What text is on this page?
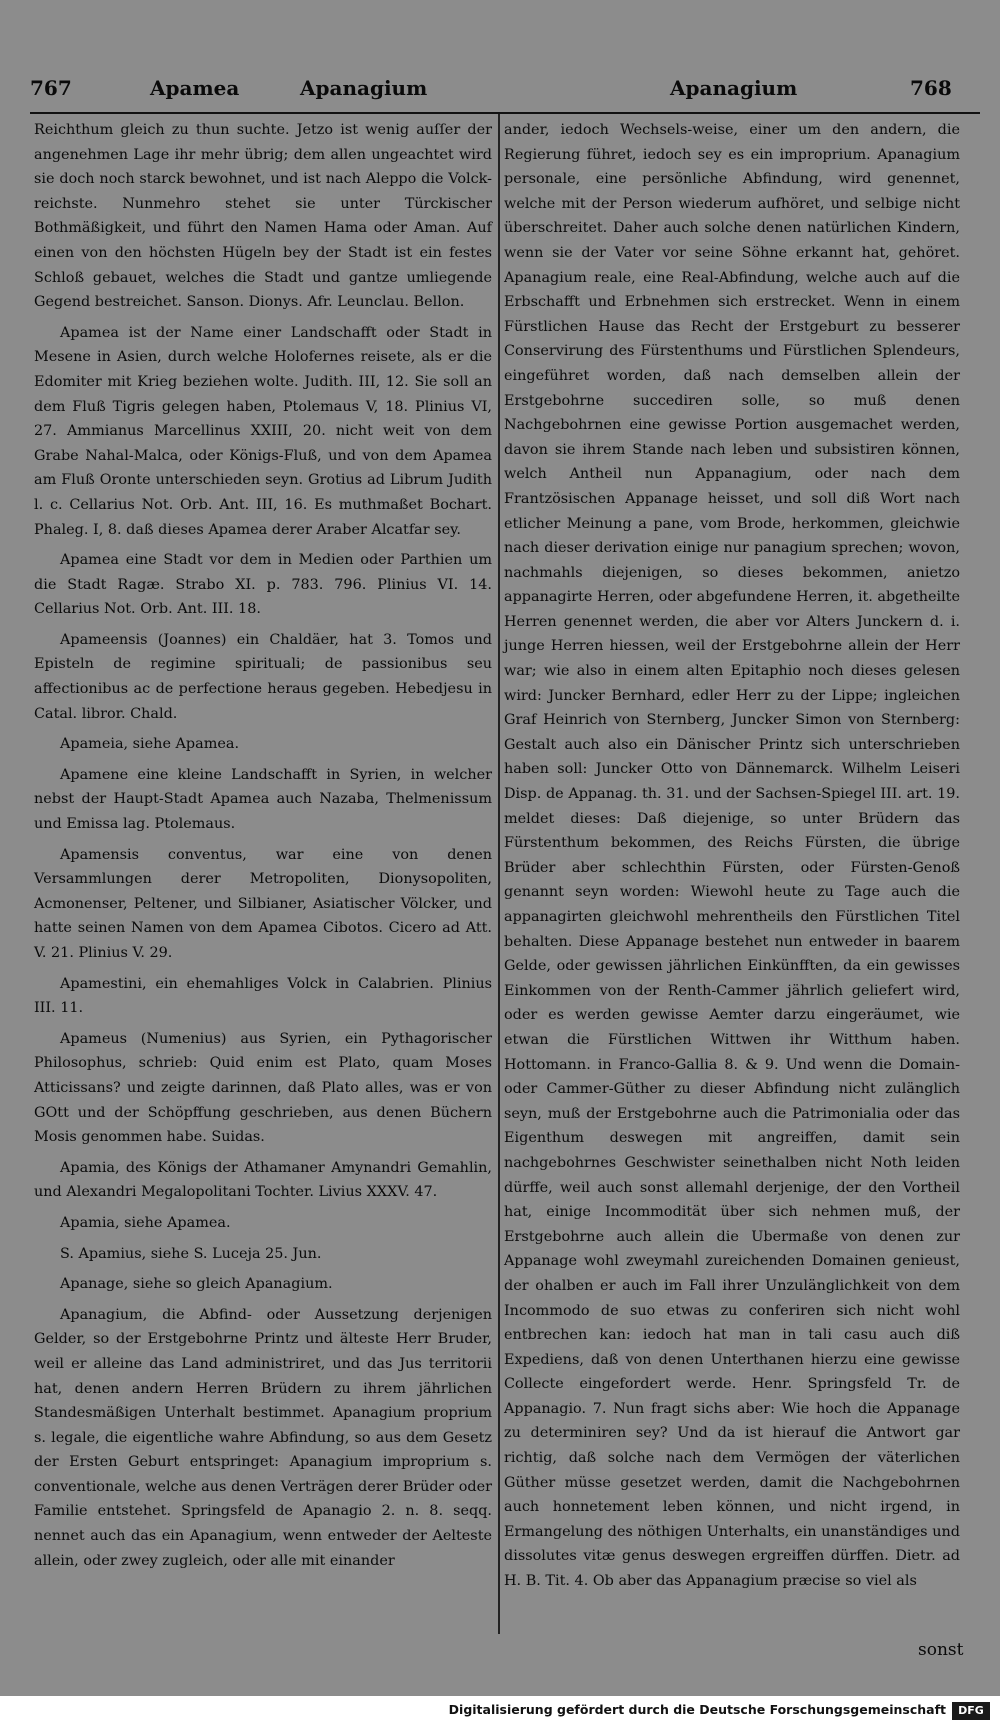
767	Apamea	Apanagium	Apanagium	768

Reichthum gleich zu thun suchte. Jetzo ist wenig auſſer der angenehmen Lage ihr mehr übrig; dem allen ungeachtet wird sie doch noch starck bewohnet, und ist nach Aleppo die Volck-reichste. Nunmehro stehet sie unter Türckischer Bothmäßigkeit, und führt den Namen Hama oder Aman. Auf einen von den höchsten Hügeln bey der Stadt ist ein festes Schloß gebauet, welches die Stadt und gantze umliegende Gegend bestreichet. Sanson. Dionys. Afr. Leunclau. Bellon.

Apamea ist der Name einer Landschafft oder Stadt in Mesene in Asien, durch welche Holofernes reisete, als er die Edomiter mit Krieg beziehen wolte. Judith. III, 12. Sie soll an dem Fluß Tigris gelegen haben, Ptolemaus V, 18. Plinius VI, 27. Ammianus Marcellinus XXIII, 20. nicht weit von dem Grabe Nahal-Malca, oder Königs-Fluß, und von dem Apamea am Fluß Oronte unterschieden seyn. Grotius ad Librum Judith l. c. Cellarius Not. Orb. Ant. III, 16. Es muthmaßet Bochart. Phaleg. I, 8. daß dieses Apamea derer Araber Alcatfar sey.

Apamea eine Stadt vor dem in Medien oder Parthien um die Stadt Ragæ. Strabo XI. p. 783. 796. Plinius VI. 14. Cellarius Not. Orb. Ant. III. 18.

Apameensis (Joannes) ein Chaldäer, hat 3. Tomos und Episteln de regimine spirituali; de passionibus seu affectionibus ac de perfectione heraus gegeben. Hebedjesu in Catal. libror. Chald.

Apameia, siehe Apamea.

Apamene eine kleine Landschafft in Syrien, in welcher nebst der Haupt-Stadt Apamea auch Nazaba, Thelmenissum und Emissa lag. Ptolemaus.

Apamensis conventus, war eine von denen Versammlungen derer Metropoliten, Dionysopoliten, Acmonenser, Peltener, und Silbianer, Asiatischer Völcker, und hatte seinen Namen von dem Apamea Cibotos. Cicero ad Att. V. 21. Plinius V. 29.

Apamestini, ein ehemahliges Volck in Calabrien. Plinius III. 11.

Apameus (Numenius) aus Syrien, ein Pythagorischer Philosophus, schrieb: Quid enim est Plato, quam Moses Atticissans? und zeigte darinnen, daß Plato alles, was er von GOtt und der Schöpffung geschrieben, aus denen Büchern Mosis genommen habe. Suidas.

Apamia, des Königs der Athamaner Amynandri Gemahlin, und Alexandri Megalopolitani Tochter. Livius XXXV. 47.

Apamia, siehe Apamea.

S. Apamius, siehe S. Luceja 25. Jun.

Apanage, siehe so gleich Apanagium.

Apanagium, die Abfind- oder Aussetzung derjenigen Gelder, so der Erstgebohrne Printz und älteste Herr Bruder, weil er alleine das Land administriret, und das Jus territorii hat, denen andern Herren Brüdern zu ihrem jährlichen Standesmäßigen Unterhalt bestimmet. Apanagium proprium s. legale, die eigentliche wahre Abfindung, so aus dem Gesetz der Ersten Geburt entspringet: Apanagium improprium s. conventionale, welche aus denen Verträgen derer Brüder oder Familie entstehet. Springsfeld de Apanagio 2. n. 8. seqq. nennet auch das ein Apanagium, wenn entweder der Aelteste allein, oder zwey zugleich, oder alle mit einander

ander, iedoch Wechsels-weise, einer um den andern, die Regierung führet, iedoch sey es ein improprium. Apanagium personale, eine persönliche Abfindung, wird genennet, welche mit der Person wiederum aufhöret, und selbige nicht überschreitet. Daher auch solche denen natürlichen Kindern, wenn sie der Vater vor seine Söhne erkannt hat, gehöret. Apanagium reale, eine Real-Abfindung, welche auch auf die Erbschafft und Erbnehmen sich erstrecket. Wenn in einem Fürstlichen Hause das Recht der Erstgeburt zu besserer Conservirung des Fürstenthums und Fürstlichen Splendeurs, eingeführet worden, daß nach demselben allein der Erstgebohrne succediren solle, so muß denen Nachgebohrnen eine gewisse Portion ausgemachet werden, davon sie ihrem Stande nach leben und subsistiren können, welch Antheil nun Appanagium, oder nach dem Frantzösischen Appanage heisset, und soll diß Wort nach etlicher Meinung a pane, vom Brode, herkommen, gleichwie nach dieser derivation einige nur panagium sprechen; wovon, nachmahls diejenigen, so dieses bekommen, anietzo appanagirte Herren, oder abgefundene Herren, it. abgetheilte Herren genennet werden, die aber vor Alters Junckern d. i. junge Herren hiessen, weil der Erstgebohrne allein der Herr war; wie also in einem alten Epitaphio noch dieses gelesen wird: Juncker Bernhard, edler Herr zu der Lippe; ingleichen Graf Heinrich von Sternberg, Juncker Simon von Sternberg: Gestalt auch also ein Dänischer Printz sich unterschrieben haben soll: Juncker Otto von Dännemarck. Wilhelm Leiseri Disp. de Appanag. th. 31. und der Sachsen-Spiegel III. art. 19. meldet dieses: Daß diejenige, so unter Brüdern das Fürstenthum bekommen, des Reichs Fürsten, die übrige Brüder aber schlechthin Fürsten, oder Fürsten-Genoß genannt seyn worden: Wiewohl heute zu Tage auch die appanagirten gleichwohl mehrentheils den Fürstlichen Titel behalten. Diese Appanage bestehet nun entweder in baarem Gelde, oder gewissen jährlichen Einkünfften, da ein gewisses Einkommen von der Renth-Cammer jährlich geliefert wird, oder es werden gewisse Aemter darzu eingeräumet, wie etwan die Fürstlichen Wittwen ihr Witthum haben. Hottomann. in Franco-Gallia 8. & 9. Und wenn die Domain- oder Cammer-Güther zu dieser Abfindung nicht zulänglich seyn, muß der Erstgebohrne auch die Patrimonialia oder das Eigenthum deswegen mit angreiffen, damit sein nachgebohrnes Geschwister seinethalben nicht Noth leiden dürffe, weil auch sonst allemahl derjenige, der den Vortheil hat, einige Incommodität über sich nehmen muß, der Erstgebohrne auch allein die Ubermaße von denen zur Appanage wohl zweymahl zureichenden Domainen genieust, der ohalben er auch im Fall ihrer Unzulänglichkeit von dem Incommodo de suo etwas zu conferiren sich nicht wohl entbrechen kan: iedoch hat man in tali casu auch diß Expediens, daß von denen Unterthanen hierzu eine gewisse Collecte eingefordert werde. Henr. Springsfeld Tr. de Appanagio. 7. Nun fragt sichs aber: Wie hoch die Appanage zu determiniren sey? Und da ist hierauf die Antwort gar richtig, daß solche nach dem Vermögen der väterlichen Güther müsse gesetzet werden, damit die Nachgebohrnen auch honnetement leben können, und nicht irgend, in Ermangelung des nöthigen Unterhalts, ein unanständiges und dissolutes vitæ genus deswegen ergreiffen dürffen. Dietr. ad H. B. Tit. 4. Ob aber das Appanagium præcise so viel als

sonst
Digitalisierung gefördert durch die Deutsche Forschungsgemeinschaft	DFG
